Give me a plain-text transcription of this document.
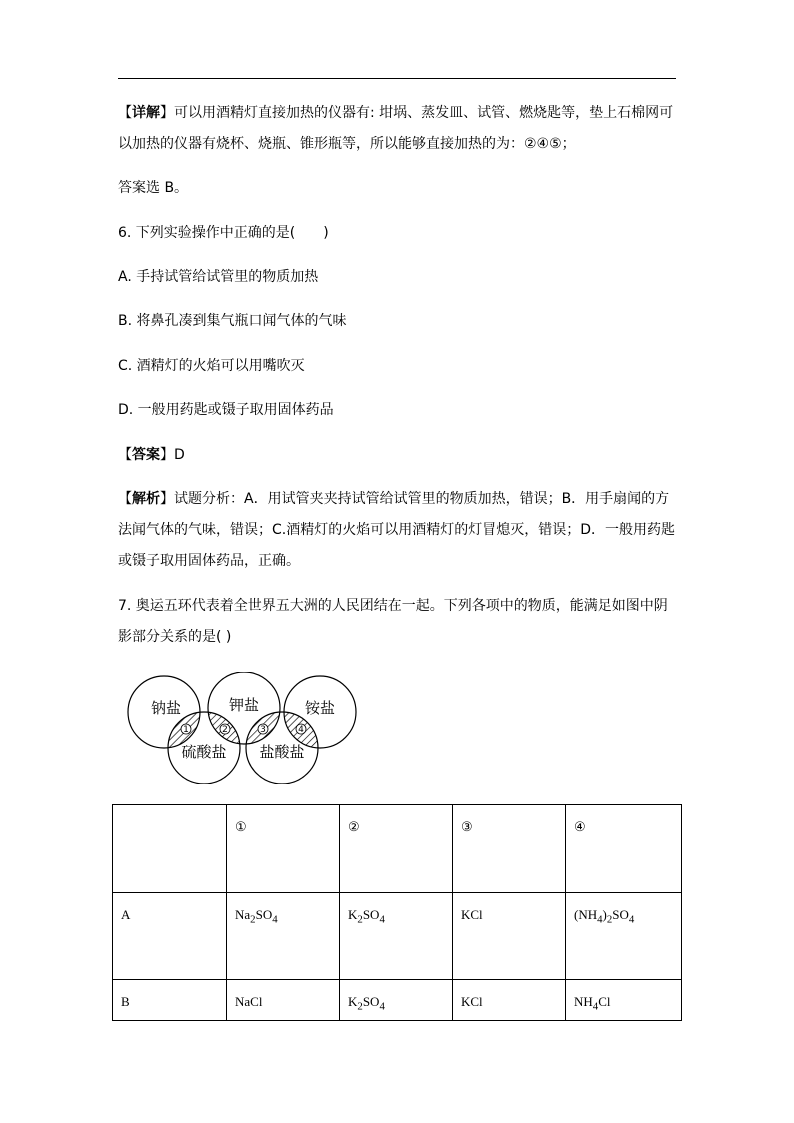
【详解】可以用酒精灯直接加热的仪器有: 坩埚、蒸发皿、试管、燃烧匙等，垫上石棉网可
以加热的仪器有烧杯、烧瓶、锥形瓶等，所以能够直接加热的为：②④⑤；
答案选 B。
6. 下列实验操作中正确的是(　　)
A. 手持试管给试管里的物质加热
B. 将鼻孔凑到集气瓶口闻气体的气味
C. 酒精灯的火焰可以用嘴吹灭
D. 一般用药匙或镊子取用固体药品
【答案】D
【解析】试题分析：A．用试管夹夹持试管给试管里的物质加热，错误；B．用手扇闻的方
法闻气体的气味，错误；C.酒精灯的火焰可以用酒精灯的灯冒熄灭，错误；D．一般用药匙
或镊子取用固体药品，正确。
7. 奥运五环代表着全世界五大洲的人民团结在一起。下列各项中的物质，能满足如图中阴
影部分关系的是( )
1	2	3	4
钠盐	钾盐	铵盐
硫酸盐 盐酸盐
	①	②	③	④
A	$Na_2SO_4$	$K_2SO_4$	KCl	$(NH_4)_2SO_4$
B	NaCl	$K_2SO_4$	KCl	$NH_4Cl$
